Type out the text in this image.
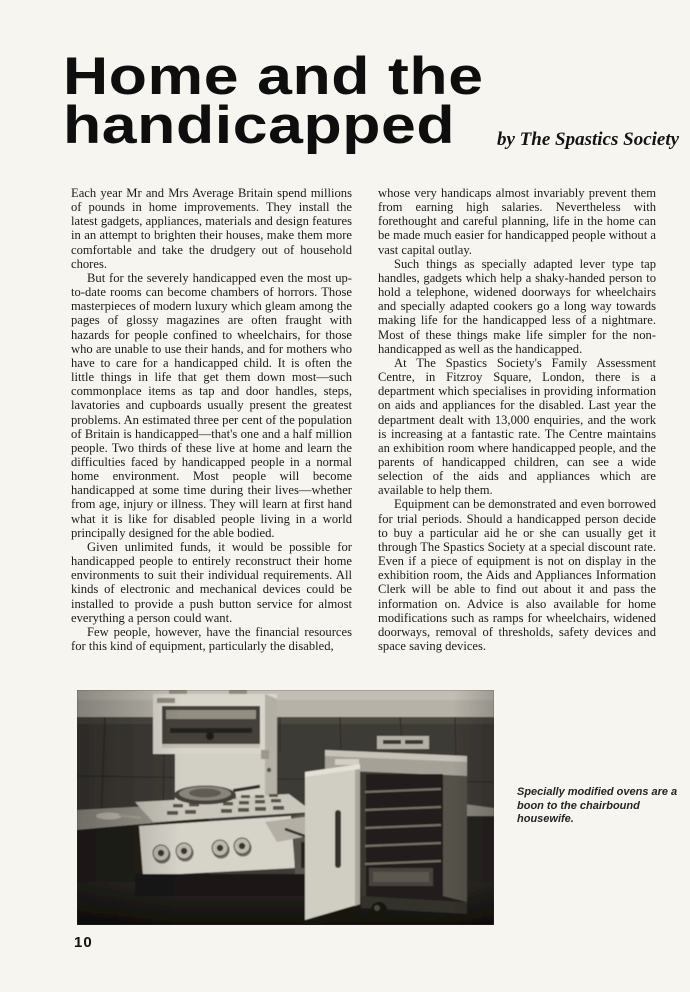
Home and the
handicapped	by The Spastics Society

Each year Mr and Mrs Average Britain spend millions of pounds in home improvements. They install the latest gadgets, appliances, materials and design features in an attempt to brighten their houses, make them more comfortable and take the drudgery out of household chores.

But for the severely handicapped even the most up-to-date rooms can become chambers of horrors. Those masterpieces of modern luxury which gleam among the pages of glossy magazines are often fraught with hazards for people confined to wheelchairs, for those who are unable to use their hands, and for mothers who have to care for a handicapped child. It is often the little things in life that get them down most—such commonplace items as tap and door handles, steps, lavatories and cupboards usually present the greatest problems. An estimated three per cent of the population of Britain is handicapped—that's one and a half million people. Two thirds of these live at home and learn the difficulties faced by handicapped people in a normal home environment. Most people will become handicapped at some time during their lives—whether from age, injury or illness. They will learn at first hand what it is like for disabled people living in a world principally designed for the able bodied.

Given unlimited funds, it would be possible for handicapped people to entirely reconstruct their home environments to suit their individual requirements. All kinds of electronic and mechanical devices could be installed to provide a push button service for almost everything a person could want.

Few people, however, have the financial resources for this kind of equipment, particularly the disabled,

whose very handicaps almost invariably prevent them from earning high salaries. Nevertheless with forethought and careful planning, life in the home can be made much easier for handicapped people without a vast capital outlay.

Such things as specially adapted lever type tap handles, gadgets which help a shaky-handed person to hold a telephone, widened doorways for wheelchairs and specially adapted cookers go a long way towards making life for the handicapped less of a nightmare. Most of these things make life simpler for the non-handicapped as well as the handicapped.

At The Spastics Society's Family Assessment Centre, in Fitzroy Square, London, there is a department which specialises in providing information on aids and appliances for the disabled. Last year the department dealt with 13,000 enquiries, and the work is increasing at a fantastic rate. The Centre maintains an exhibition room where handicapped people, and the parents of handicapped children, can see a wide selection of the aids and appliances which are available to help them.

Equipment can be demonstrated and even borrowed for trial periods. Should a handicapped person decide to buy a particular aid he or she can usually get it through The Spastics Society at a special discount rate. Even if a piece of equipment is not on display in the exhibition room, the Aids and Appliances Information Clerk will be able to find out about it and pass the information on. Advice is also available for home modifications such as ramps for wheelchairs, widened doorways, removal of thresholds, safety devices and space saving devices.

Specially modified ovens are a boon to the chairbound housewife.
10
